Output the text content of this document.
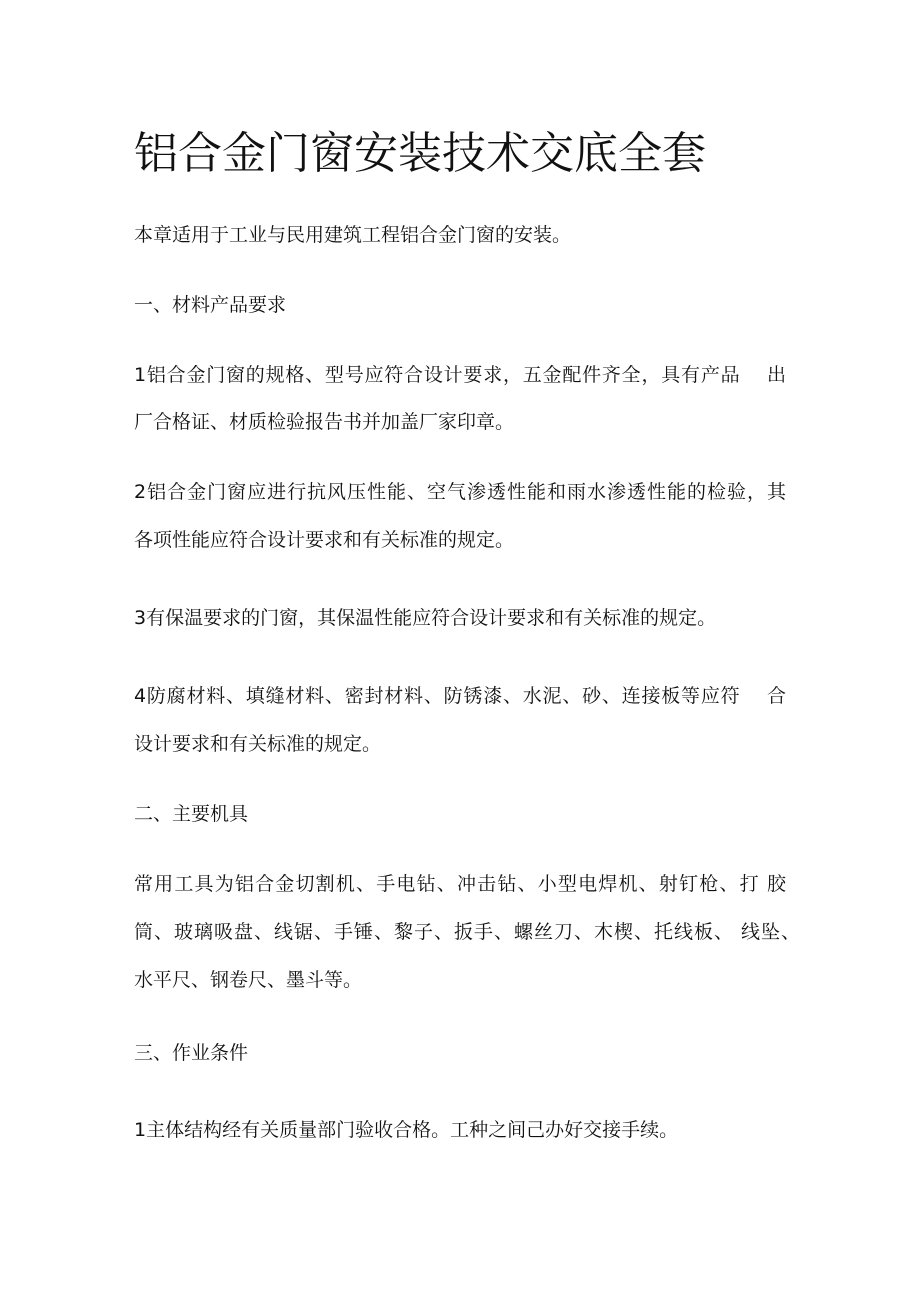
铝合金门窗安装技术交底全套

本章适用于工业与民用建筑工程铝合金门窗的安装。

一、材料产品要求

1铝合金门窗的规格、型号应符合设计要求，五金配件齐全，具有产品　 出

厂合格证、材质检验报告书并加盖厂家印章。

2铝合金门窗应进行抗风压性能、空气渗透性能和雨水渗透性能的检验，其

各项性能应符合设计要求和有关标准的规定。

3有保温要求的门窗，其保温性能应符合设计要求和有关标准的规定。

4防腐材料、填缝材料、密封材料、防锈漆、水泥、砂、连接板等应符　 合

设计要求和有关标准的规定。

二、主要机具

常用工具为铝合金切割机、手电钻、冲击钻、小型电焊机、射钉枪、打 胶

筒、玻璃吸盘、线锯、手锤、黎子、扳手、螺丝刀、木楔、托线板、 线坠、

水平尺、钢卷尺、墨斗等。

三、作业条件

1主体结构经有关质量部门验收合格。工种之间己办好交接手续。
